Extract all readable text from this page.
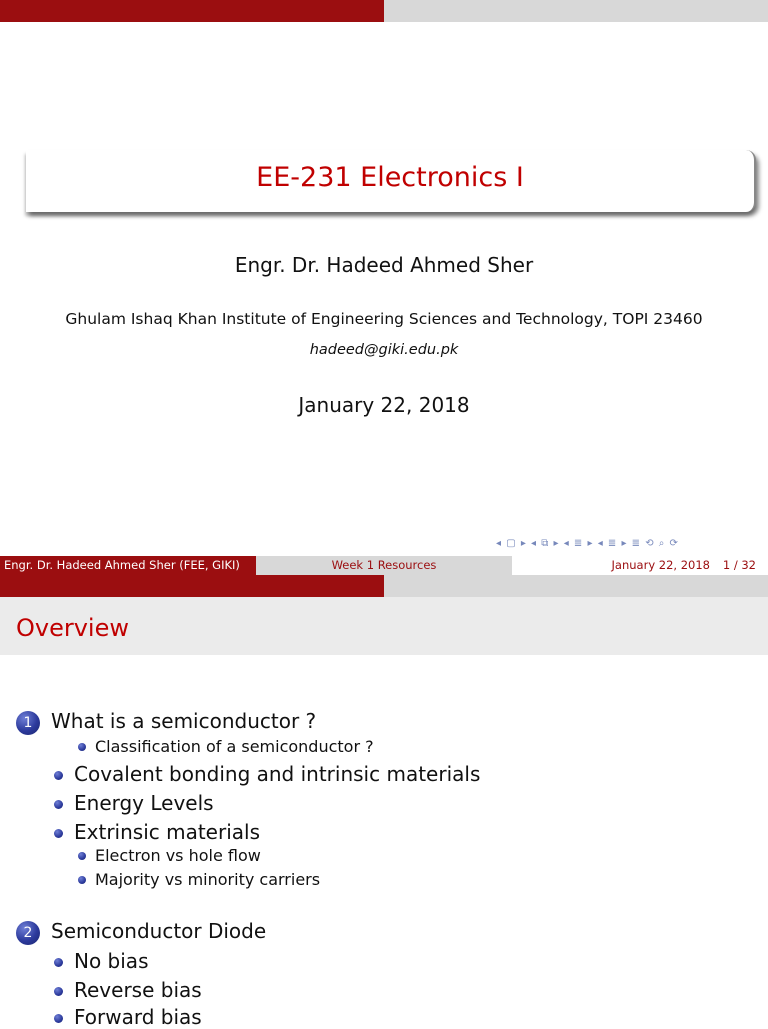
EE-231 Electronics I
Engr. Dr. Hadeed Ahmed Sher
Ghulam Ishaq Khan Institute of Engineering Sciences and Technology, TOPI 23460
hadeed@giki.edu.pk
January 22, 2018
◂ ▢ ▸ ◂ ⧉ ▸ ◂ ≣ ▸ ◂ ≣ ▸ ≣ ⟲ ⌕ ⟳
Engr. Dr. Hadeed Ahmed Sher (FEE, GIKI)	Week 1 Resources	January 22, 2018	1 / 32
Overview
1 What is a semiconductor ?
Classification of a semiconductor ?
Covalent bonding and intrinsic materials
Energy Levels
Extrinsic materials
Electron vs hole flow
Majority vs minority carriers
2 Semiconductor Diode
No bias
Reverse bias
Forward bias
